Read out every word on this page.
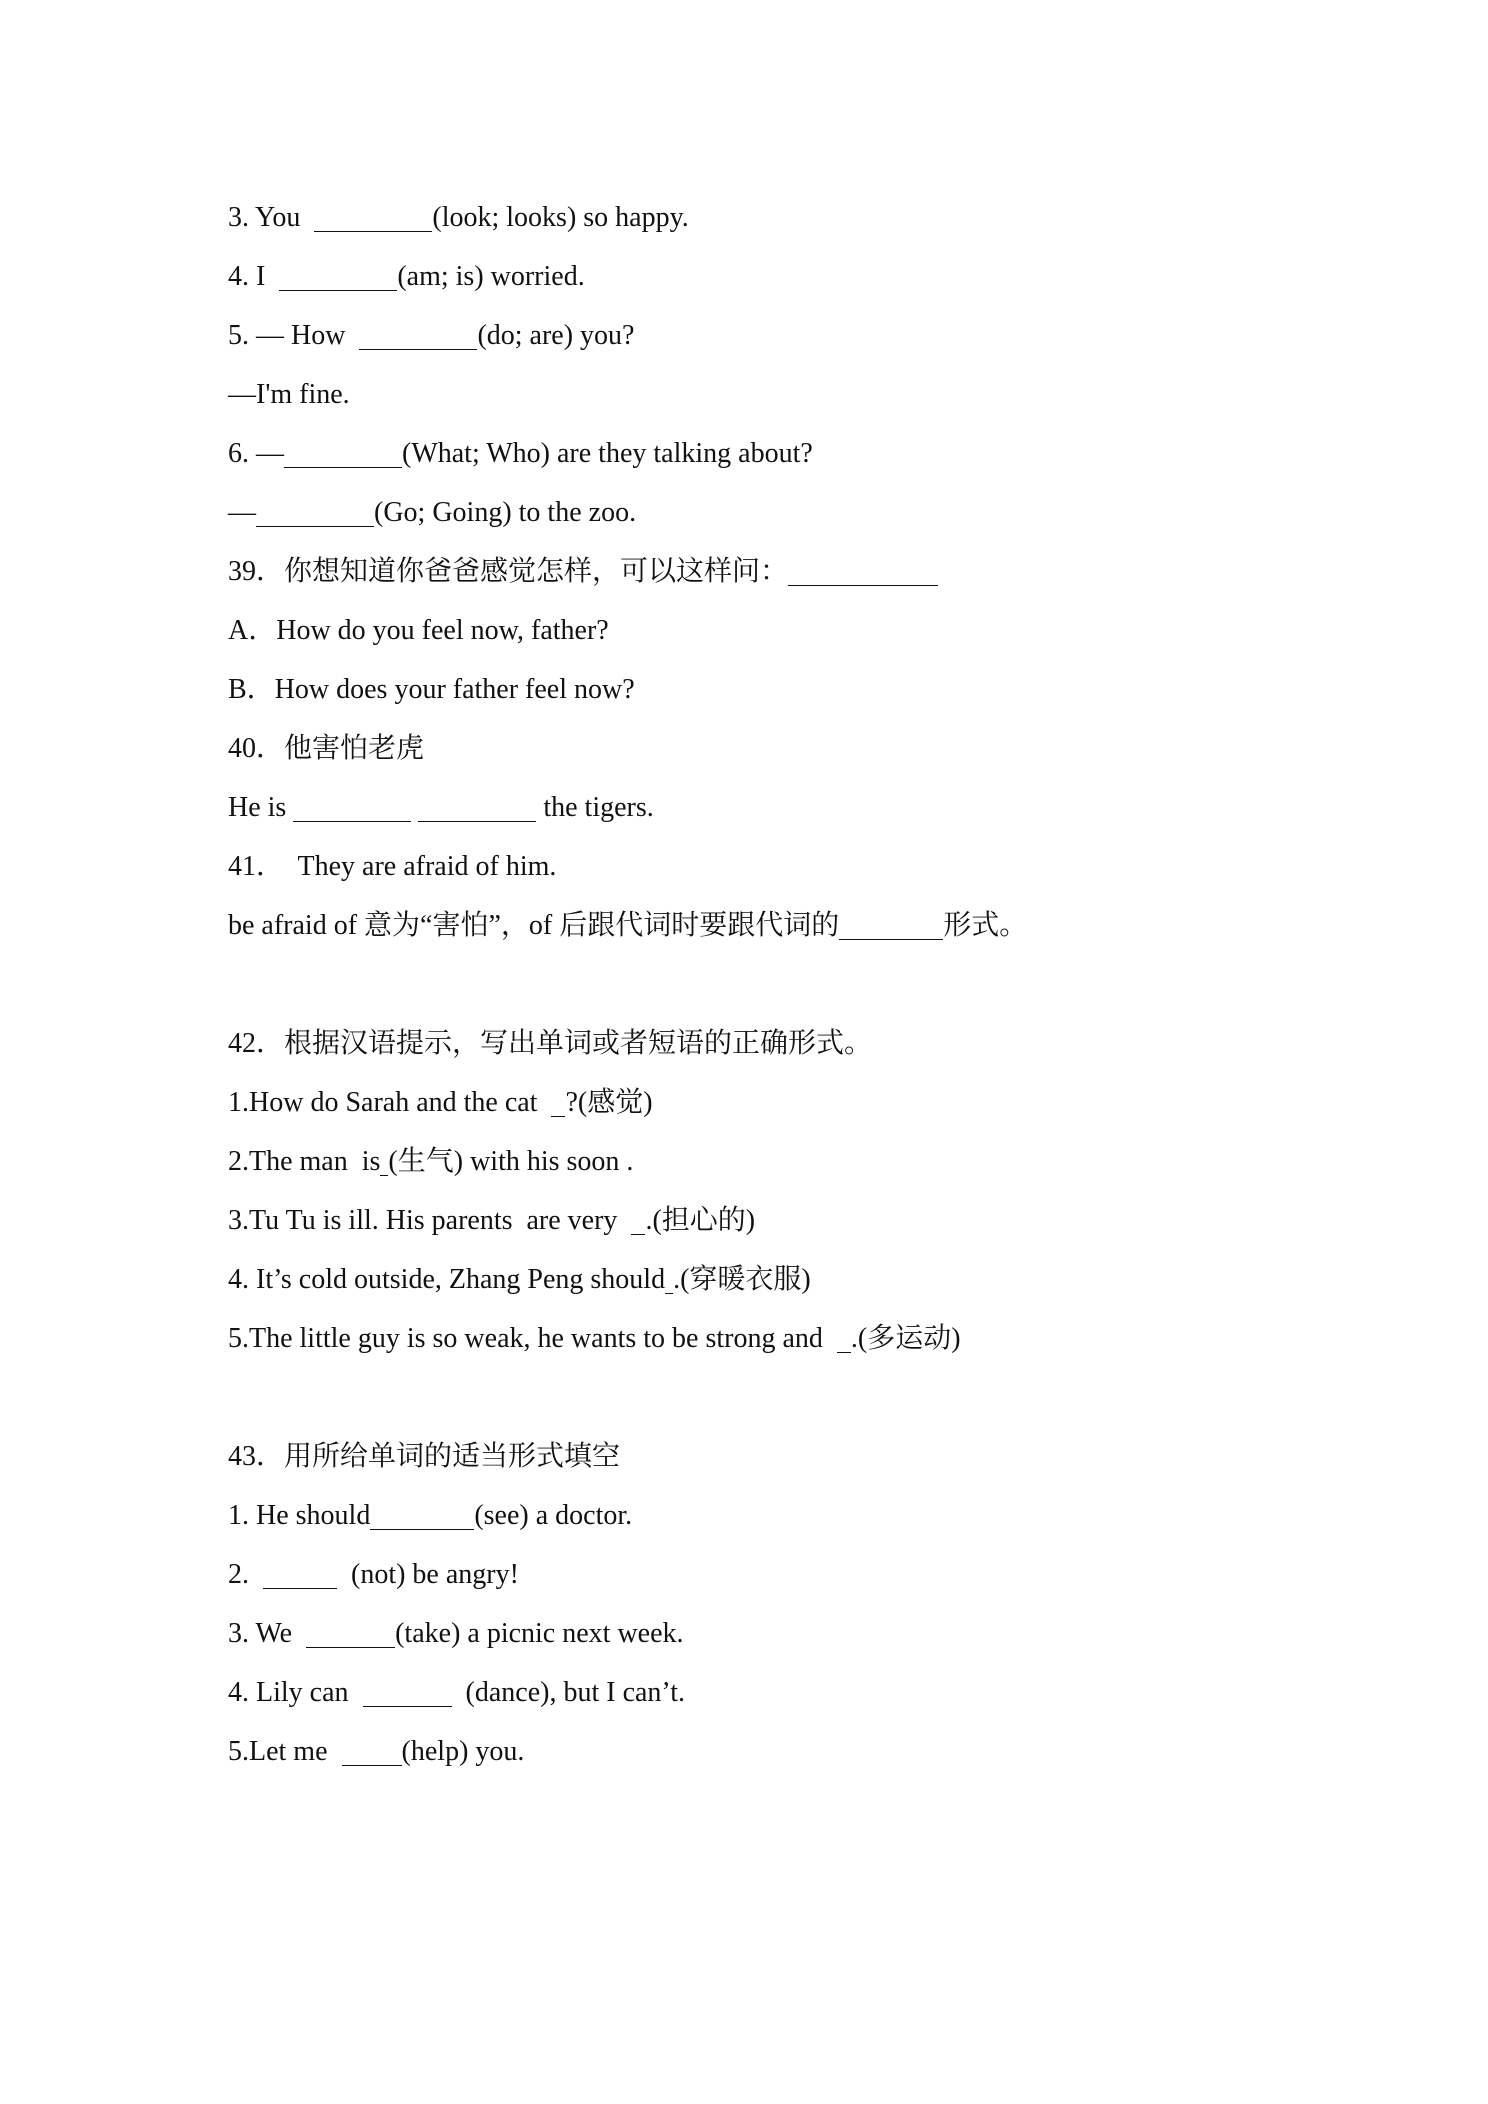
3. You	(look; looks) so happy.
4. I	(am; is) worried.
5. — How	(do; are) you?
—I'm fine.
6. —	(What; Who) are they talking about?
—	(Go; Going) to the zoo.
39．你想知道你爸爸感觉怎样，可以这样问：
A．How do you feel now, father?
B．How does your father feel now?
40．他害怕老虎
He is	the tigers.
41．  They are afraid of him.
be afraid of 意为“害怕”，of 后跟代词时要跟代词的	形式。
42．根据汉语提示，写出单词或者短语的正确形式。
1.How do Sarah and the cat  ?(感觉)
2.The man  is (生气) with his soon .
3.Tu Tu is ill. His parents  are very  .(担心的)
4. It’s cold outside, Zhang Peng should .(穿暖衣服)
5.The little guy is so weak, he wants to be strong and  .(多运动)
43．用所给单词的适当形式填空
1. He should	(see) a doctor.
2.	(not) be angry!
3. We	(take) a picnic next week.
4. Lily can	(dance), but I can’t.
5.Let me  (help) you.
